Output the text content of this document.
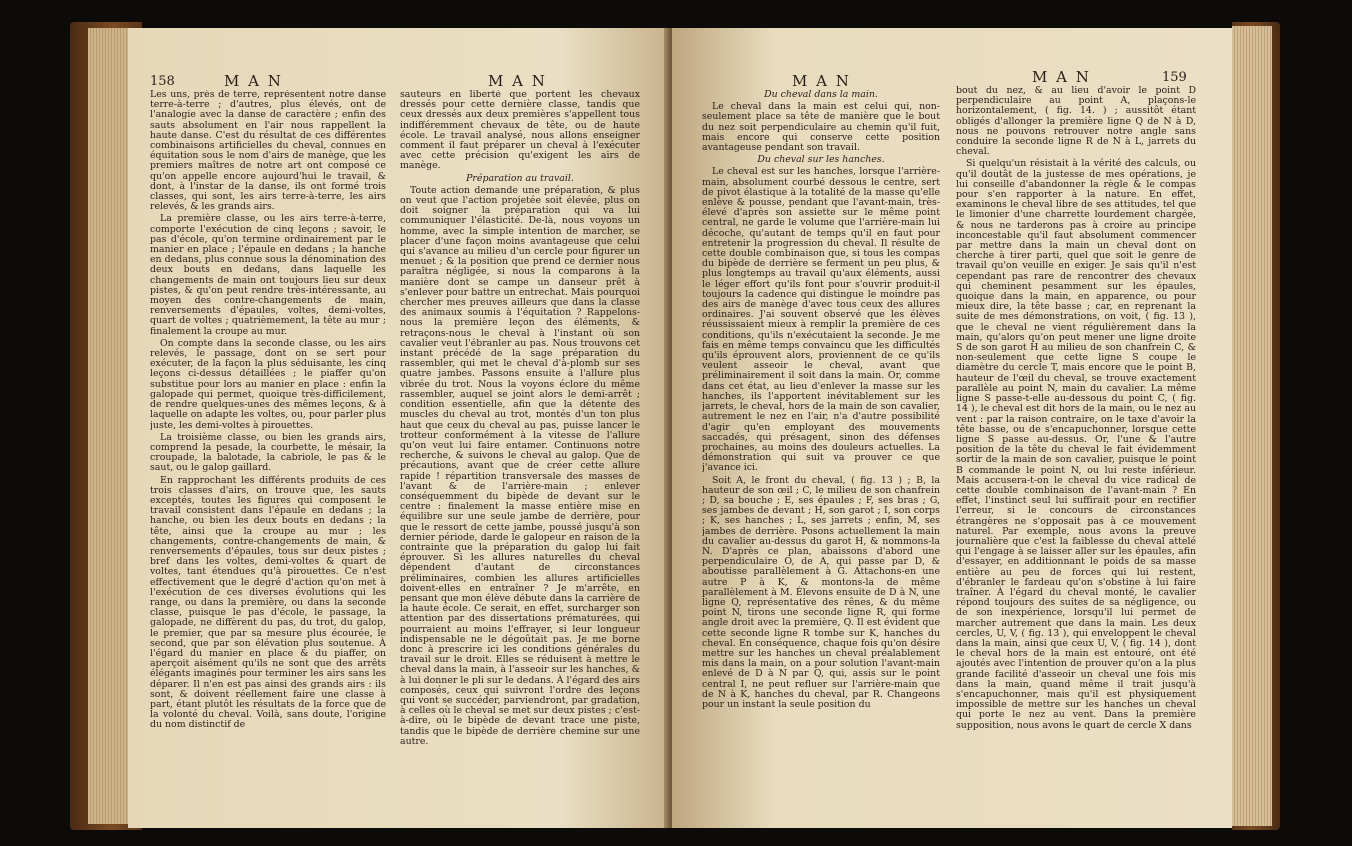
158	M A N	M A N

Les uns, près de terre, représentent notre danse terre-à-terre ; d'autres, plus élevés, ont de l'analogie avec la danse de caractère ; enfin des sauts absolument en l'air nous rappellent la haute danse. C'est du résultat de ces différentes combinaisons artificielles du cheval, connues en équitation sous le nom d'airs de manège, que les premiers maîtres de notre art ont composé ce qu'on appelle encore aujourd'hui le travail, & dont, à l'instar de la danse, ils ont formé trois classes, qui sont, les airs terre-à-terre, les airs relevés, & les grands airs.

La première classe, ou les airs terre-à-terre, comporte l'exécution de cinq leçons ; savoir, le pas d'école, qu'on termine ordinairement par le manier en place ; l'épaule en dedans ; la hanche en dedans, plus connue sous la dénomination des deux bouts en dedans, dans laquelle les changements de main ont toujours lieu sur deux pistes, & qu'on peut rendre très-intéressante, au moyen des contre-changements de main, renversements d'épaules, voltes, demi-voltes, quart de voltes ; quatrièmement, la tête au mur ; finalement la croupe au mur.

On compte dans la seconde classe, ou les airs relevés, le passage, dont on se sert pour exécuter, de la façon la plus séduisante, les cinq leçons ci-dessus détaillées ; le piaffer qu'on substitue pour lors au manier en place : enfin la galopade qui permet, quoique très-difficilement, de rendre quelques-unes des mêmes leçons, & à laquelle on adapte les voltes, ou, pour parler plus juste, les demi-voltes à pirouettes.

La troisième classe, ou bien les grands airs, comprend la pesade, la courbette, le mésair, la croupade, la balotade, la cabriole, le pas & le saut, ou le galop gaillard.

En rapprochant les différents produits de ces trois classes d'airs, on trouve que, les sauts exceptés, toutes les figures qui composent le travail consistent dans l'épaule en dedans ; la hanche, ou bien les deux bouts en dedans ; la tête, ainsi que la croupe au mur ; les changements, contre-changements de main, & renversements d'épaules, tous sur deux pistes ; bref dans les voltes, demi-voltes & quart de voltes, tant étendues qu'à pirouettes. Ce n'est effectivement que le degré d'action qu'on met à l'exécution de ces diverses évolutions qui les range, ou dans la première, ou dans la seconde classe, puisque le pas d'école, le passage, la galopade, ne diffèrent du pas, du trot, du galop, le premier, que par sa mesure plus écourée, le second, que par son élévation plus soutenue. À l'égard du manier en place & du piaffer, on aperçoit aisément qu'ils ne sont que des arrêts élégants imaginés pour terminer les airs sans les déparer. Il n'en est pas ainsi des grands airs : ils sont, & doivent réellement faire une classe à part, étant plutôt les résultats de la force que de la volonté du cheval. Voilà, sans doute, l'origine du nom distinctif de

sauteurs en liberté que portent les chevaux dressés pour cette dernière classe, tandis que ceux dressés aux deux premières s'appellent tous indifféremment chevaux de tête, ou de haute école. Le travail analysé, nous allons enseigner comment il faut préparer un cheval à l'exécuter avec cette précision qu'exigent les airs de manège.

Préparation au travail.

Toute action demande une préparation, & plus on veut que l'action projetée soit élevée, plus on doit soigner la préparation qui va lui communiquer l'élasticité. De-là, nous voyons un homme, avec la simple intention de marcher, se placer d'une façon moins avantageuse que celui qui s'avance au milieu d'un cercle pour figurer un menuet ; & la position que prend ce dernier nous paraîtra négligée, si nous la comparons à la manière dont se campe un danseur prêt à s'enlever pour battre un entrechat. Mais pourquoi chercher mes preuves ailleurs que dans la classe des animaux soumis à l'équitation ? Rappelons-nous la première leçon des éléments, & retraçons-nous le cheval à l'instant où son cavalier veut l'ébranler au pas. Nous trouvons cet instant précédé de la sage préparation du rassembler, qui met le cheval d'à-plomb sur ses quatre jambes. Passons ensuite à l'allure plus vibrée du trot. Nous la voyons éclore du même rassembler, auquel se joint alors le demi-arrêt ; condition essentielle, afin que la détente des muscles du cheval au trot, montés d'un ton plus haut que ceux du cheval au pas, puisse lancer le trotteur conformément à la vitesse de l'allure qu'on veut lui faire entamer. Continuons notre recherche, & suivons le cheval au galop. Que de précautions, avant que de créer cette allure rapide ! répartition transversale des masses de l'avant & de l'arrière-main ; enlever conséquemment du bipède de devant sur le centre : finalement la masse entière mise en équilibre sur une seule jambe de derrière, pour que le ressort de cette jambe, poussé jusqu'à son dernier période, darde le galopeur en raison de la contrainte que la préparation du galop lui fait éprouver. Si les allures naturelles du cheval dépendent d'autant de circonstances préliminaires, combien les allures artificielles doivent-elles en entraîner ? Je m'arrête, en pensant que mon élève débute dans la carrière de la haute école. Ce serait, en effet, surcharger son attention par des dissertations prématurées, qui pourraient au moins l'effrayer, si leur longueur indispensable ne le dégoûtait pas. Je me borne donc à prescrire ici les conditions générales du travail sur le droit. Elles se réduisent à mettre le cheval dans la main, à l'asseoir sur les hanches, & à lui donner le pli sur le dedans. À l'égard des airs composés, ceux qui suivront l'ordre des leçons qui vont se succéder, parviendront, par gradation, à celles où le cheval se met sur deux pistes ; c'est-à-dire, où le bipède de devant trace une piste, tandis que le bipède de derrière chemine sur une autre.

M A N	M A N	159

Du cheval dans la main.

Le cheval dans la main est celui qui, non-seulement place sa tête de manière que le bout du nez soit perpendiculaire au chemin qu'il fuit, mais encore qui conserve cette position avantageuse pendant son travail.

Du cheval sur les hanches.

Le cheval est sur les hanches, lorsque l'arrière-main, absolument courbé dessous le centre, sert de pivot élastique à la totalité de la masse qu'elle enlève & pousse, pendant que l'avant-main, très-élevé d'après son assiette sur le même point central, ne garde le volume que l'arrière-main lui décoche, qu'autant de temps qu'il en faut pour entretenir la progression du cheval. Il résulte de cette double combinaison que, si tous les compas du bipède de derrière se ferment un peu plus, & plus longtemps au travail qu'aux éléments, aussi le léger effort qu'ils font pour s'ouvrir produit-il toujours la cadence qui distingue le moindre pas des airs de manège d'avec tous ceux des allures ordinaires. J'ai souvent observé que les élèves réussissaient mieux à remplir la première de ces conditions, qu'ils n'exécutaient la seconde. Je me fais en même temps convaincu que les difficultés qu'ils éprouvent alors, proviennent de ce qu'ils veulent asseoir le cheval, avant que préliminairement il soit dans la main. Or, comme dans cet état, au lieu d'enlever la masse sur les hanches, ils l'apportent inévitablement sur les jarrets, le cheval, hors de la main de son cavalier, autrement le nez en l'air, n'a d'autre possibilité d'agir qu'en employant des mouvements saccadés, qui présagent, sinon des défenses prochaines, au moins des douleurs actuelles. La démonstration qui suit va prouver ce que j'avance ici.

Soit A, le front du cheval, ( fig. 13 ) ; B, la hauteur de son œil ; C, le milieu de son chanfrein ; D, sa bouche ; E, ses épaules ; F, ses bras ; G, ses jambes de devant ; H, son garot ; I, son corps ; K, ses hanches ; L, ses jarrets ; enfin, M, ses jambes de derrière. Posons actuellement la main du cavalier au-dessus du garot H, & nommons-la N. D'après ce plan, abaissons d'abord une perpendiculaire O, de A, qui passe par D, & aboutisse parallèlement à G. Attachons-en une autre P à K, & montons-la de même parallèlement à M. Élevons ensuite de D à N, une ligne Q, représentative des rênes, & du même point N, tirons une seconde ligne R, qui forme angle droit avec la première, Q. Il est évident que cette seconde ligne R tombe sur K, hanches du cheval. En conséquence, chaque fois qu'on désire mettre sur les hanches un cheval préalablement mis dans la main, on a pour solution l'avant-main enlevé de D à N par Q, qui, assis sur le point central I, ne peut refluer sur l'arrière-main que de N à K, hanches du cheval, par R. Changeons pour un instant la seule position du

bout du nez, & au lieu d'avoir le point D perpendiculaire au point A, plaçons-le horizontalement, ( fig. 14. ) ; aussitôt étant obligés d'allonger la première ligne Q de N à D, nous ne pouvons retrouver notre angle sans conduire la seconde ligne R de N à L, jarrets du cheval.

Si quelqu'un résistait à la vérité des calculs, ou qu'il doutât de la justesse de mes opérations, je lui conseille d'abandonner la règle & le compas pour s'en rapporter à la nature. En effet, examinons le cheval libre de ses attitudes, tel que le limonier d'une charrette lourdement chargée, & nous ne tarderons pas à croire au principe inconcestable qu'il faut absolument commencer par mettre dans la main un cheval dont on cherche à tirer parti, quel que soit le genre de travail qu'on veuille en exiger. Je sais qu'il n'est cependant pas rare de rencontrer des chevaux qui cheminent pesamment sur les épaules, quoique dans la main, en apparence, ou pour mieux dire, la tête basse ; car, en reprenant la suite de mes démonstrations, on voit, ( fig. 13 ), que le cheval ne vient régulièrement dans la main, qu'alors qu'on peut mener une ligne droite S de son garot H au milieu de son chanfrein C, & non-seulement que cette ligne S coupe le diamètre du cercle T, mais encore que le point B, hauteur de l'œil du cheval, se trouve exactement parallèle au point N, main du cavalier. La même ligne S passe-t-elle au-dessous du point C, ( fig. 14 ), le cheval est dit hors de la main, ou le nez au vent : par la raison contraire, on le taxe d'avoir la tête basse, ou de s'encapuchonner, lorsque cette ligne S passe au-dessus. Or, l'une & l'autre position de la tête du cheval le fait évidemment sortir de la main de son cavalier, puisque le point B commande le point N, ou lui reste inférieur. Mais accusera-t-on le cheval du vice radical de cette double combinaison de l'avant-main ? En effet, l'instinct seul lui suffirait pour en rectifier l'erreur, si le concours de circonstances étrangères ne s'opposait pas à ce mouvement naturel. Par exemple, nous avons la preuve journalière que c'est la faiblesse du cheval attelé qui l'engage à se laisser aller sur les épaules, afin d'essayer, en additionnant le poids de sa masse entière au peu de forces qui lui restent, d'ébranler le fardeau qu'on s'obstine à lui faire traîner. À l'égard du cheval monté, le cavalier répond toujours des suites de sa négligence, ou de son inexpérience, lorsqu'il lui permet de marcher autrement que dans la main. Les deux cercles, U, V, ( fig. 13 ), qui enveloppent le cheval dans la main, ainsi que ceux U, V, ( fig. 14 ), dont le cheval hors de la main est entouré, ont été ajoutés avec l'intention de prouver qu'on a la plus grande facilité d'asseoir un cheval une fois mis dans la main, quand même il trait jusqu'à s'encapuchonner, mais qu'il est physiquement impossible de mettre sur les hanches un cheval qui porte le nez au vent. Dans la première supposition, nous avons le quart de cercle X dans
